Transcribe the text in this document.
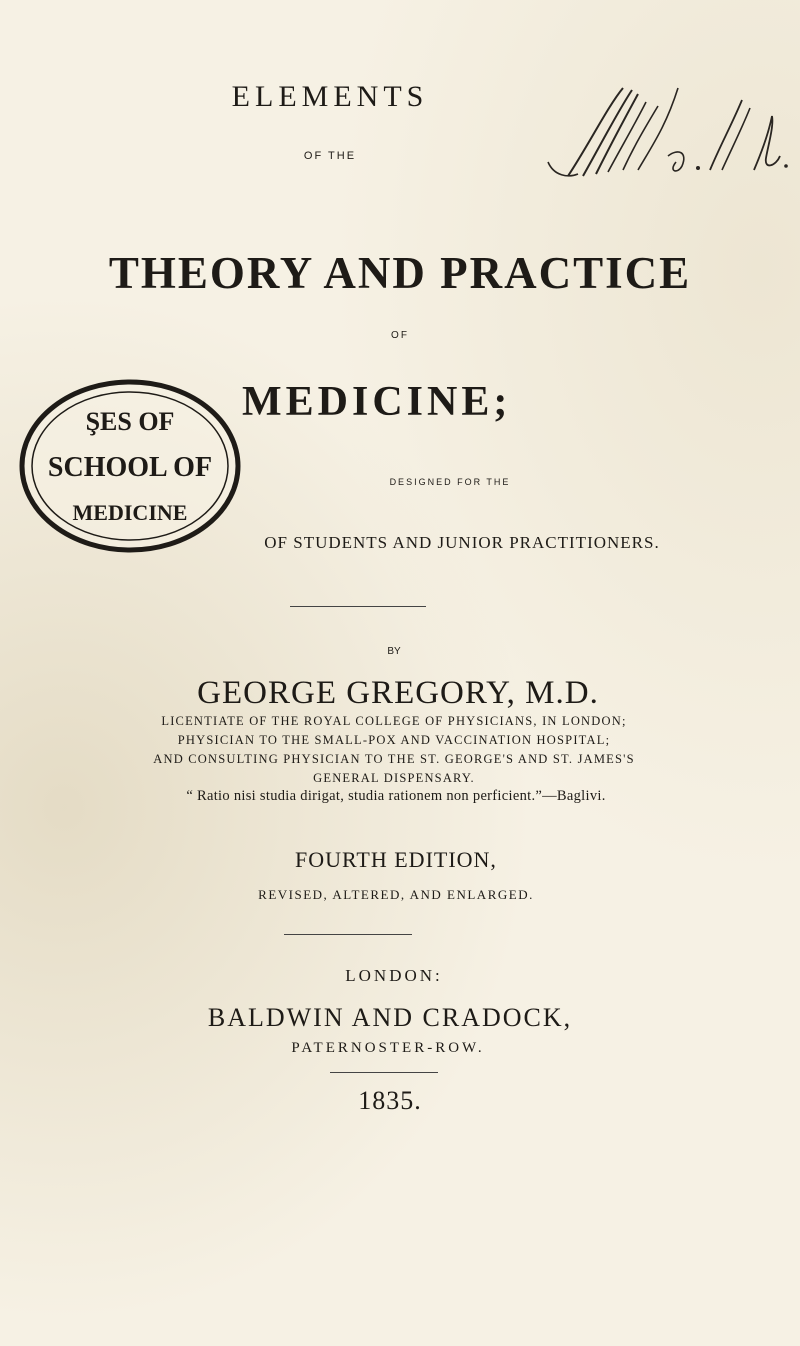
ELEMENTS
OF THE
THEORY AND PRACTICE
OF
ŞES OF
SCHOOL OF
MEDICINE
MEDICINE;
DESIGNED FOR THE
OF STUDENTS AND JUNIOR PRACTITIONERS.
BY
GEORGE GREGORY, M.D.
LICENTIATE OF THE ROYAL COLLEGE OF PHYSICIANS, IN LONDON;
PHYSICIAN TO THE SMALL-POX AND VACCINATION HOSPITAL;
AND CONSULTING PHYSICIAN TO THE ST. GEORGE'S AND ST. JAMES'S
GENERAL DISPENSARY.
“ Ratio nisi studia dirigat, studia rationem non perficient.”—Baglivi.
FOURTH EDITION,
REVISED, ALTERED, AND ENLARGED.
LONDON:
BALDWIN AND CRADOCK,
PATERNOSTER-ROW.
1835.
